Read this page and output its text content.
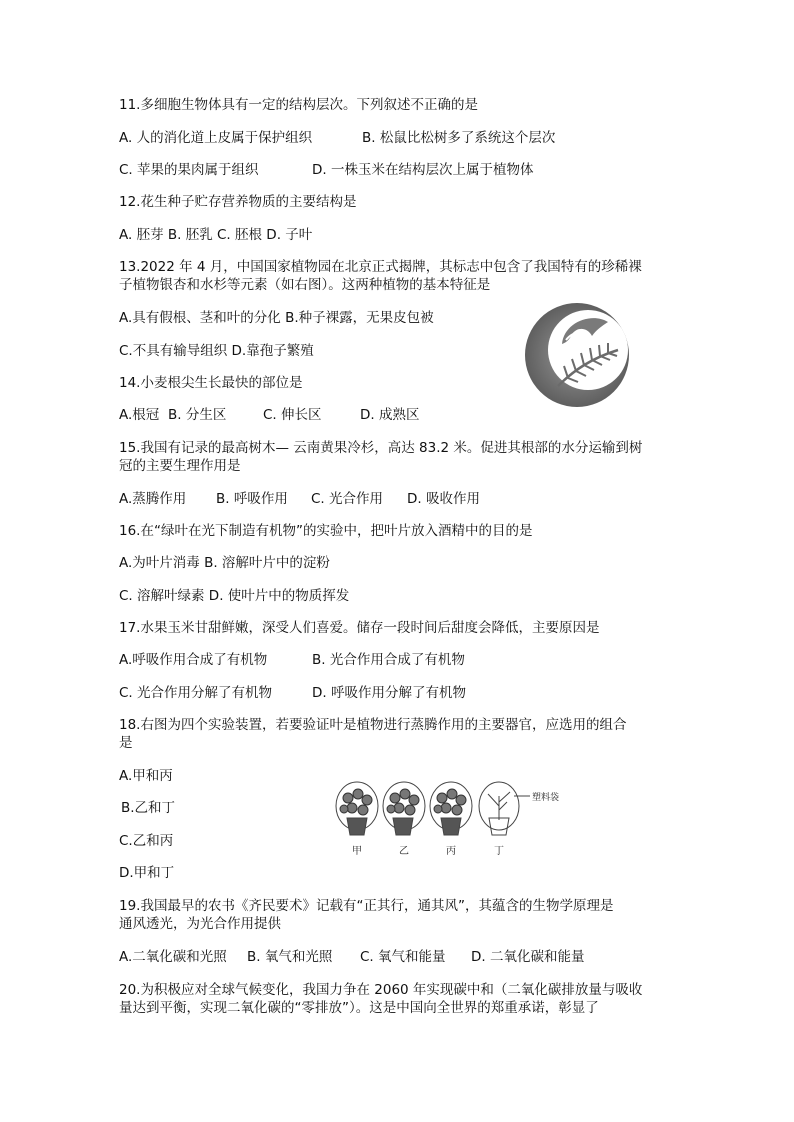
11.多细胞生物体具有一定的结构层次。下列叙述不正确的是
A. 人的消化道上皮属于保护组织	B. 松鼠比松树多了系统这个层次
C. 苹果的果肉属于组织	D. 一株玉米在结构层次上属于植物体
12.花生种子贮存营养物质的主要结构是
A. 胚芽 B. 胚乳 C. 胚根 D. 子叶
13.2022 年 4 月，中国国家植物园在北京正式揭牌，其标志中包含了我国特有的珍稀裸
子植物银杏和水杉等元素（如右图）。这两种植物的基本特征是
A.具有假根、茎和叶的分化 B.种子裸露，无果皮包被
C.不具有输导组织 D.靠孢子繁殖
14.小麦根尖生长最快的部位是
A.根冠 B. 分生区	C. 伸长区	D. 成熟区
15.我国有记录的最高树木— 云南黄果冷杉，高达 83.2 米。促进其根部的水分运输到树
冠的主要生理作用是
A.蒸腾作用 B. 呼吸作用 C. 光合作用 D. 吸收作用
16.在“绿叶在光下制造有机物”的实验中，把叶片放入酒精中的目的是
A.为叶片消毒 B. 溶解叶片中的淀粉
C. 溶解叶绿素 D. 使叶片中的物质挥发
17.水果玉米甘甜鲜嫩，深受人们喜爱。储存一段时间后甜度会降低，主要原因是
A.呼吸作用合成了有机物	B. 光合作用合成了有机物
C. 光合作用分解了有机物	D. 呼吸作用分解了有机物
18.右图为四个实验装置，若要验证叶是植物进行蒸腾作用的主要器官，应选用的组合
是
A.甲和丙
B.乙和丁
C.乙和丙
D.甲和丁
塑料袋
甲	乙	丙	丁
19.我国最早的农书《齐民要术》记载有“正其行，通其风”，其蕴含的生物学原理是
通风透光，为光合作用提供
A.二氧化碳和光照 B. 氧气和光照 C. 氧气和能量 D. 二氧化碳和能量
20.为积极应对全球气候变化，我国力争在 2060 年实现碳中和（二氧化碳排放量与吸收
量达到平衡，实现二氧化碳的“零排放”）。这是中国向全世界的郑重承诺，彰显了
